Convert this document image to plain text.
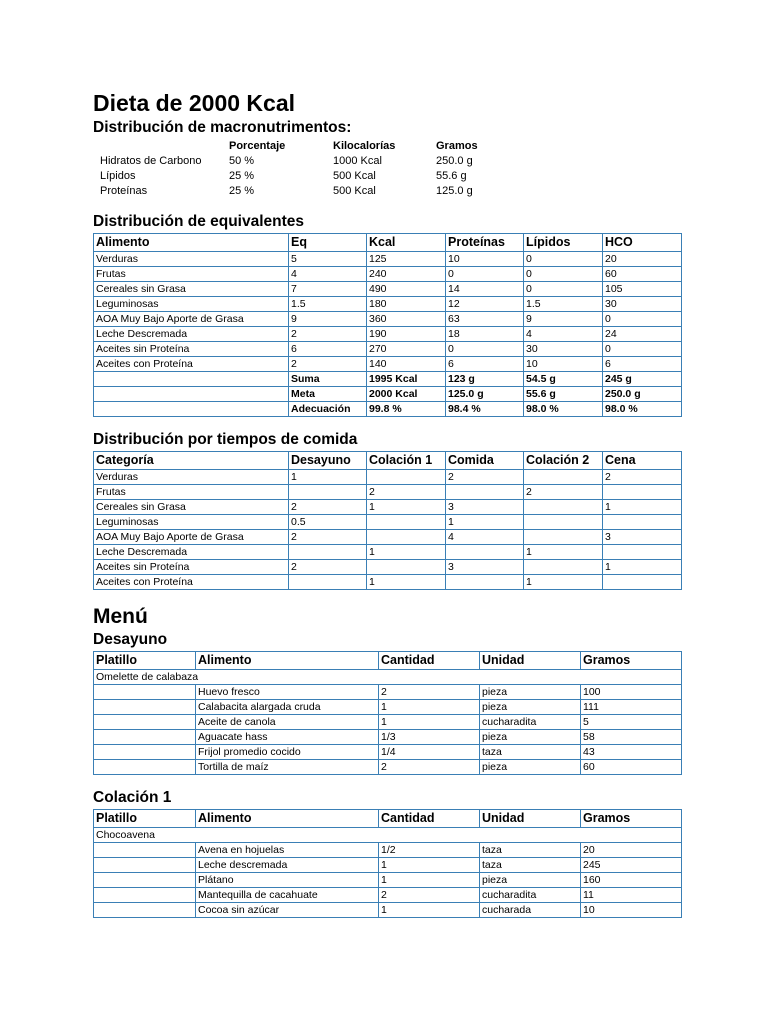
Dieta de 2000 Kcal
Distribución de macronutrimentos:
	Porcentaje	Kilocalorías	Gramos
Hidratos de Carbono	50 %	1000 Kcal	250.0 g
Lípidos	25 %	500 Kcal	55.6 g
Proteínas	25 %	500 Kcal	125.0 g
Distribución de equivalentes
Alimento	Eq	Kcal	Proteínas	Lípidos	HCO
Verduras	5	125	10	0	20
Frutas	4	240	0	0	60
Cereales sin Grasa	7	490	14	0	105
Leguminosas	1.5	180	12	1.5	30
AOA Muy Bajo Aporte de Grasa	9	360	63	9	0
Leche Descremada	2	190	18	4	24
Aceites sin Proteína	6	270	0	30	0
Aceites con Proteína	2	140	6	10	6
	Suma	1995 Kcal	123 g	54.5 g	245 g
	Meta	2000 Kcal	125.0 g	55.6 g	250.0 g
	Adecuación	99.8 %	98.4 %	98.0 %	98.0 %
Distribución por tiempos de comida
Categoría	Desayuno	Colación 1	Comida	Colación 2	Cena
Verduras	1		2		2
Frutas		2		2	
Cereales sin Grasa	2	1	3		1
Leguminosas	0.5		1		
AOA Muy Bajo Aporte de Grasa	2		4		3
Leche Descremada		1		1	
Aceites sin Proteína	2		3		1
Aceites con Proteína		1		1	
Menú
Desayuno
Platillo	Alimento	Cantidad	Unidad	Gramos
Omelette de calabaza				
	Huevo fresco	2	pieza	100
	Calabacita alargada cruda	1	pieza	111
	Aceite de canola	1	cucharadita	5
	Aguacate hass	1/3	pieza	58
	Frijol promedio cocido	1/4	taza	43
	Tortilla de maíz	2	pieza	60
Colación 1
Platillo	Alimento	Cantidad	Unidad	Gramos
Chocoavena				
	Avena en hojuelas	1/2	taza	20
	Leche descremada	1	taza	245
	Plátano	1	pieza	160
	Mantequilla de cacahuate	2	cucharadita	11
	Cocoa sin azúcar	1	cucharada	10
